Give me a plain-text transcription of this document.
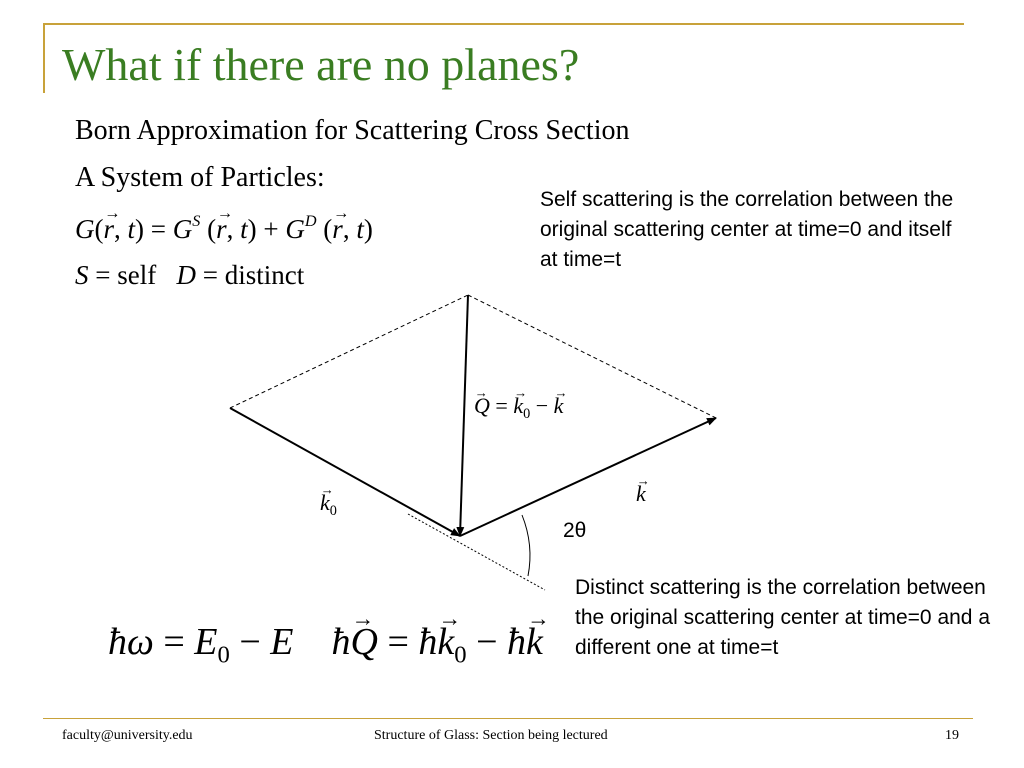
What if there are no planes?
Born Approximation for Scattering Cross Section
A System of Particles:
G(→ r, $t) = G^S$ (→ r, $t) + G^D$ (→ r, t)
S = self D = distinct
Self scattering is the correlation between the original scattering center at time=0 and itself at time=t
→ Q = → $k_0$ − → k
→ $k_0$
→ k
2θ
ħω = $E_0 - E$ ħ→ Q = ħ→ $k_0$ − ħ→ k
Distinct scattering is the correlation between the original scattering center at time=0 and a different one at time=t
faculty@university.edu	Structure of Glass: Section being lectured	19
